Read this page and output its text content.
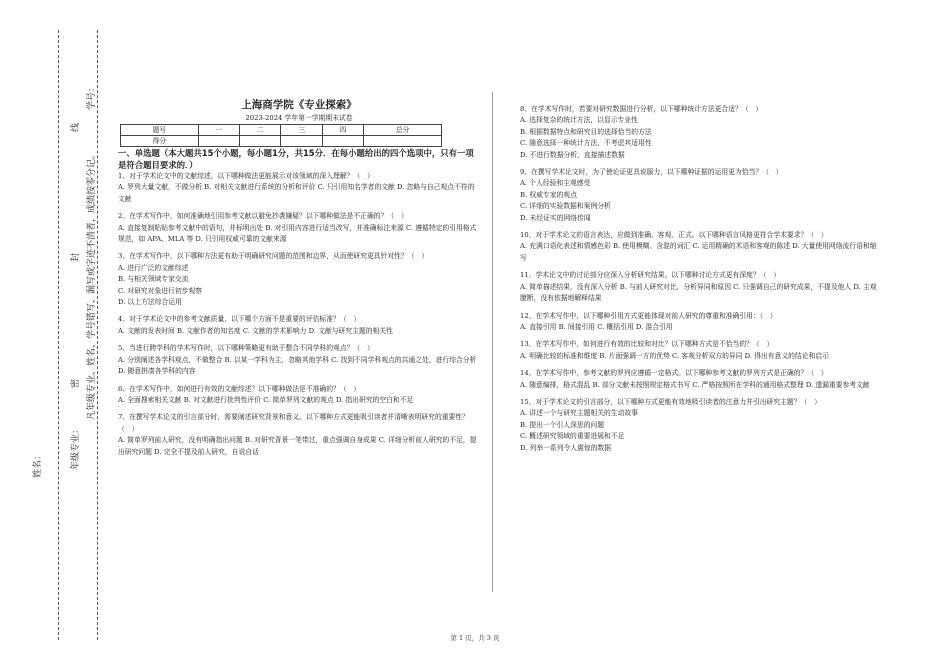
姓名：	年级专业：
凡年级专业、姓名、学号错写、漏写或字迹不清者，成绩按零分记。
密
封
线
学号：	上海商学院《专业探索》
2023-2024 学年第一学期期末试卷
题号	一	二	三	四	总分
得分					
一、单选题（本大题共15个小题，每小题1分，共15分．在每小题给出的四个选项中，只有一项是符合题目要求的．）
1、对于学术论文中的文献综述，以下哪种做法更能展示对该领域的深入理解？（　）
A. 罗列大量文献，不做分析 B. 对相关文献进行系统的分析和评价 C. 只引用知名学者的文献 D. 忽略与自己观点不符的文献
2、在学术写作中，如何准确地引用参考文献以避免抄袭嫌疑？以下哪种做法是不正确的？（　）
A. 直接复制粘贴参考文献中的语句，并标明出处 B. 对引用内容进行适当改写，并准确标注来源 C. 遵循特定的引用格式规范，如 APA、MLA 等 D. 只引用权威可靠的文献来源
3、在学术写作中，以下哪种方法更有助于明确研究问题的范围和边界，从而使研究更具针对性？（　）
A. 进行广泛的文献综述
B. 与相关领域专家交流
C. 对研究对象进行初步观察
D. 以上方法综合运用
4、对于学术论文中的参考文献质量，以下哪个方面不是重要的评估标准？（　）
A. 文献的发表时间 B. 文献作者的知名度 C. 文献的学术影响力 D. 文献与研究主题的相关性
5、当进行跨学科的学术写作时，以下哪种策略更有助于整合不同学科的观点？（　）
A. 分别阐述各学科观点，不做整合 B. 以某一学科为主，忽略其他学科 C. 找到不同学科观点的共通之处，进行综合分析 D. 随意拼凑各学科的内容
6、在学术写作中，如何进行有效的文献综述？以下哪种做法是不准确的？（　）
A. 全面搜索相关文献 B. 对文献进行批判性评价 C. 简单罗列文献的观点 D. 指出研究的空白和不足
7、在撰写学术论文的引言部分时，需要阐述研究背景和意义。以下哪种方式更能吸引读者并清晰表明研究的重要性？（　）
A. 简单罗列前人研究，没有明确指出问题 B. 对研究背景一笔带过，重点强调自身成果 C. 详细分析前人研究的不足，提出研究问题 D. 完全不提及前人研究，自说自话
8、在学术写作时，若要对研究数据进行分析，以下哪种统计方法更合适？（　）
A. 选择复杂的统计方法，以显示专业性
B. 根据数据特点和研究目的选择恰当的方法
C. 随意选择一种统计方法，不考虑其适用性
D. 不进行数据分析，直接描述数据
9、在撰写学术论文时，为了使论证更具说服力，以下哪种证据的运用更为恰当？（　）
A. 个人经验和主观感受
B. 权威专家的观点
C. 详细的实验数据和案例分析
D. 未经证实的网络传闻
10、对于学术论文的语言表达，应做到准确、客观、正式。以下哪种语言风格更符合学术要求？（　）
A. 充满口语化表述和情感色彩 B. 使用模糊、含混的词汇 C. 运用精确的术语和客观的陈述 D. 大量使用网络流行语和缩写
11、学术论文中的讨论部分应深入分析研究结果。以下哪种讨论方式更有深度？（　）
A. 简单描述结果，没有深入分析 B. 与前人研究对比，分析异同和原因 C. 只强调自己的研究成果，不提及他人 D. 主观臆断，没有依据地解释结果
12、在学术写作中，以下哪种引用方式更能体现对前人研究的尊重和准确引用：（　）
A. 直接引用 B. 间接引用 C. 概括引用 D. 混合引用
13、在学术写作中，如何进行有效的比较和对比？以下哪种方式是不恰当的？（　）
A. 明确比较的标准和维度 B. 片面强调一方的优势 C. 客观分析双方的异同 D. 得出有意义的结论和启示
14、在学术写作中，参考文献的罗列应遵循一定格式。以下哪种参考文献的罗列方式是正确的？（　）
A. 随意编排，格式混乱 B. 部分文献未按照规定格式书写 C. 严格按照所在学科的通用格式整理 D. 遗漏重要参考文献
15、对于学术论文的引言部分，以下哪种方式更能有效地吸引读者的注意力并引出研究主题？（　）
A. 讲述一个与研究主题相关的生动故事
B. 提出一个引人深思的问题
C. 概述研究领域的重要进展和不足
D. 列举一系列令人震惊的数据
第 1 页，共 3 页
